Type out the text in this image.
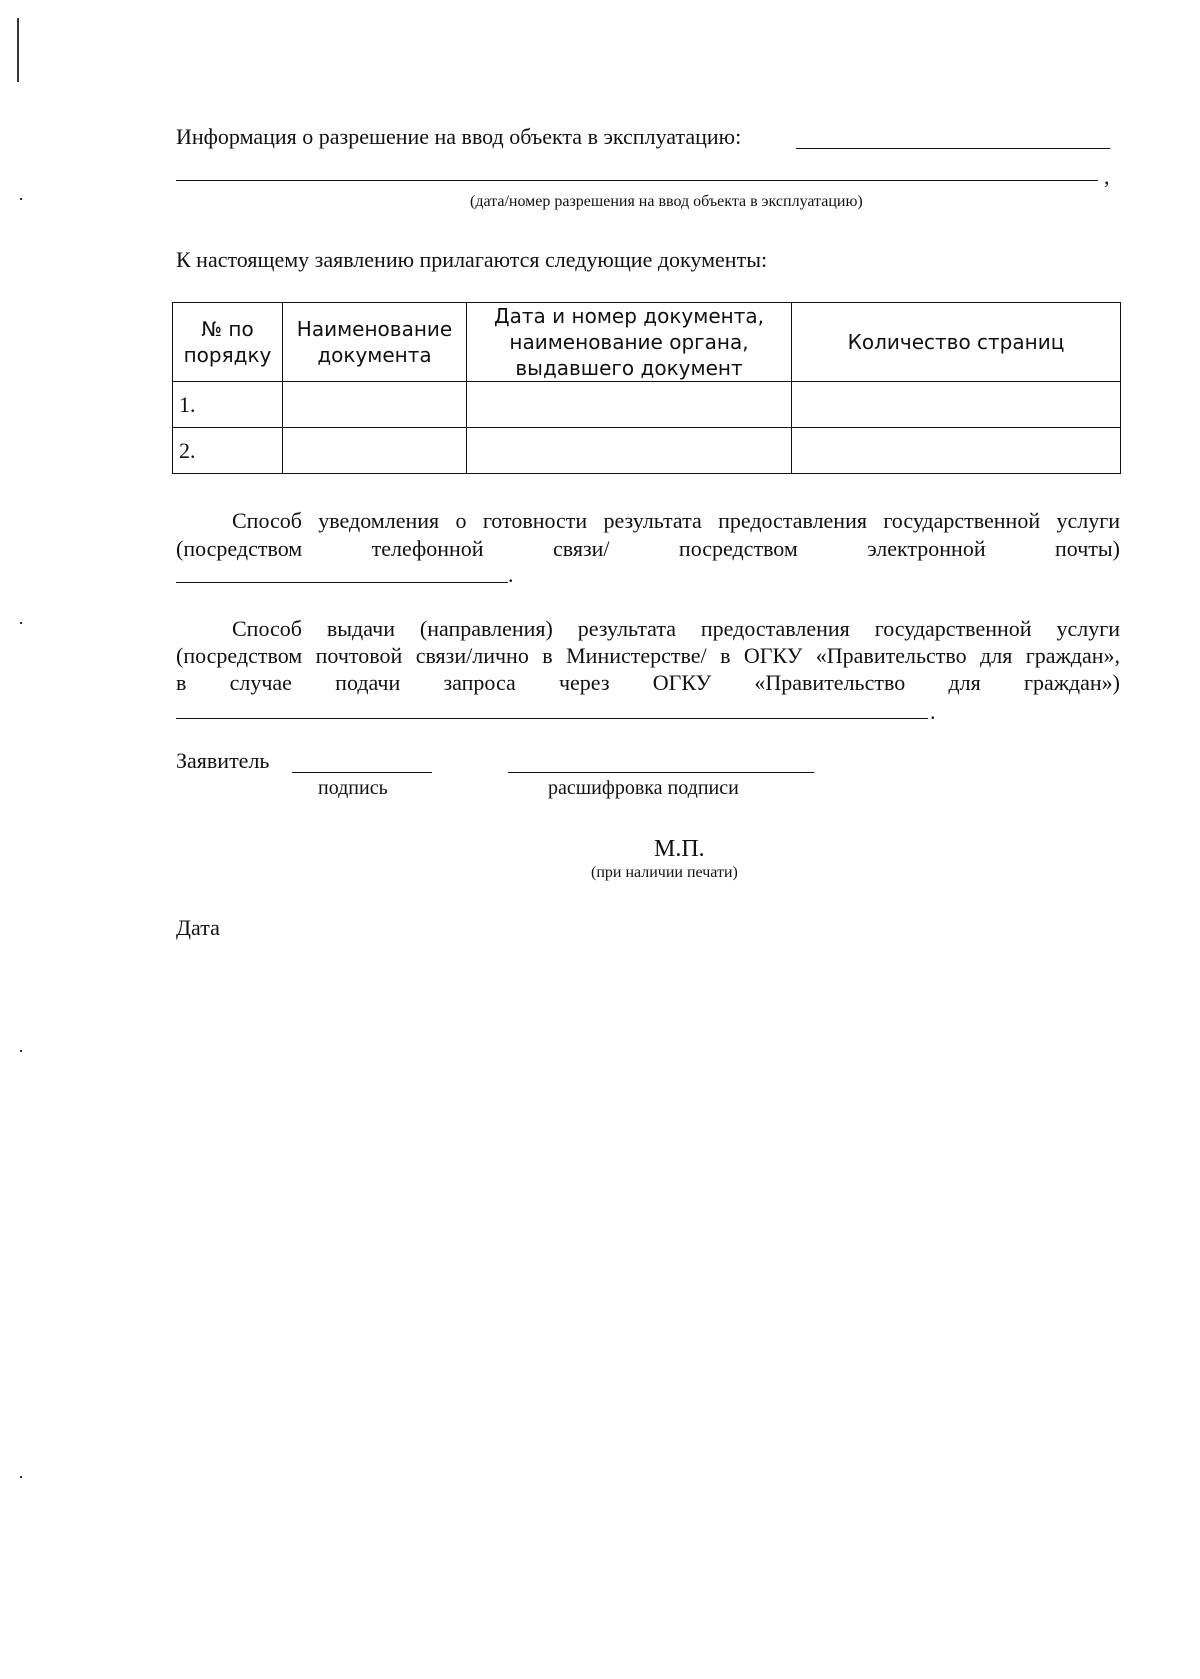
Информация о разрешение на ввод объекта в эксплуатацию:
,
(дата/номер разрешения на ввод объекта в эксплуатацию)
К настоящему заявлению прилагаются следующие документы:
№ по порядку	Наименование документа	Дата и номер документа, наименование органа, выдавшего документ	Количество страниц
1.			
2.			
Способ уведомления о готовности результата предоставления государственной услуги
(посредством телефонной связи/ посредством электронной почты)
.
Способ выдачи (направления) результата предоставления государственной услуги
(посредством почтовой связи/лично в Министерстве/ в ОГКУ «Правительство для граждан»,
в случае подачи запроса через ОГКУ «Правительство для граждан»)
.
Заявитель
подпись	расшифровка подписи
М.П.
(при наличии печати)
Дата
